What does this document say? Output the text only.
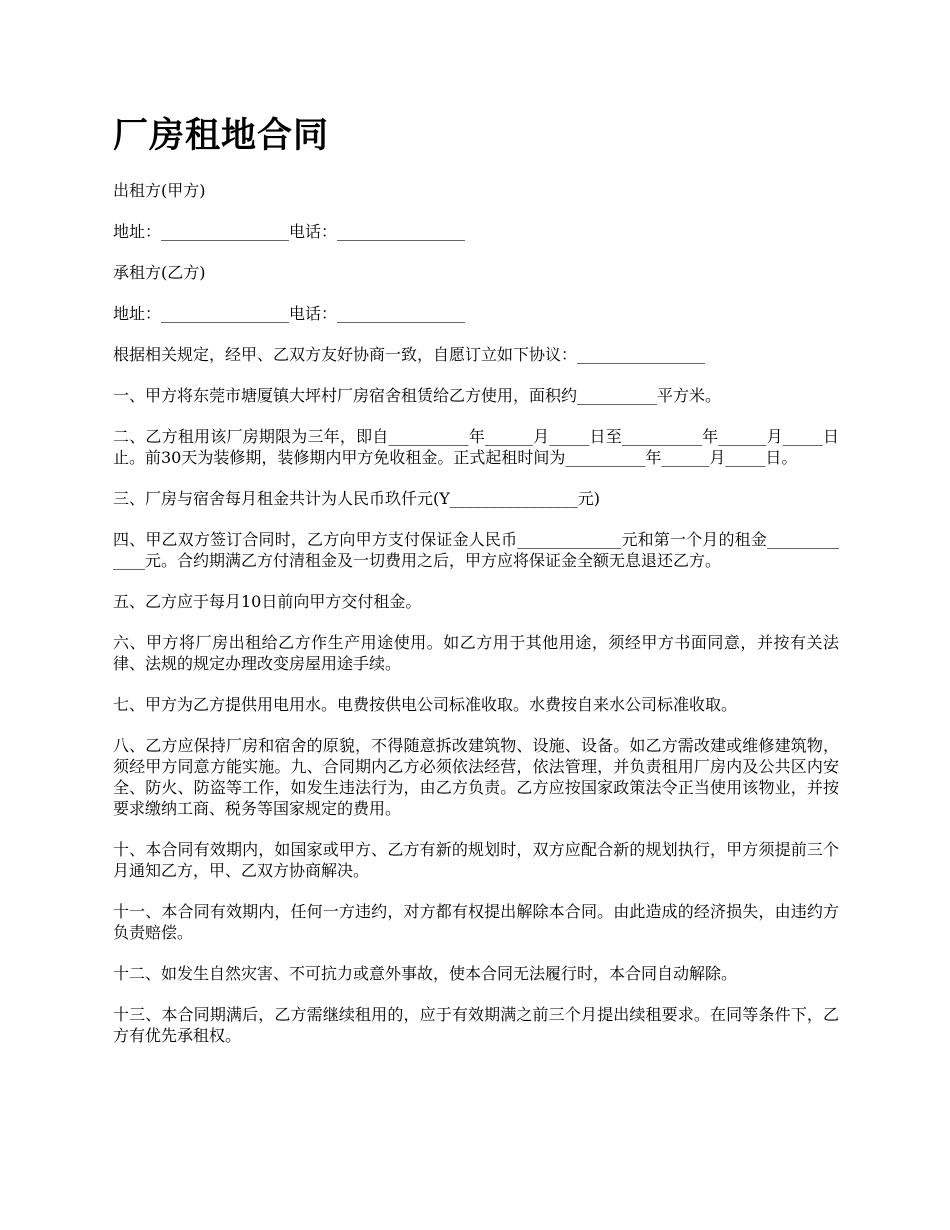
厂房租地合同

出租方(甲方)

地址：________________电话：________________

承租方(乙方)

地址：________________电话：________________

根据相关规定，经甲、乙双方友好协商一致，自愿订立如下协议：________________

一、甲方将东莞市塘厦镇大坪村厂房宿舍租赁给乙方使用，面积约__________平方米。

二、乙方租用该厂房期限为三年，即自__________年______月_____日至__________年______月_____日止。前30天为装修期，装修期内甲方免收租金。正式起租时间为__________年______月_____日。

三、厂房与宿舍每月租金共计为人民币玖仟元(Y________________元)

四、甲乙双方签订合同时，乙方向甲方支付保证金人民币_____________元和第一个月的租金_____________元。合约期满乙方付清租金及一切费用之后，甲方应将保证金全额无息退还乙方。

五、乙方应于每月10日前向甲方交付租金。

六、甲方将厂房出租给乙方作生产用途使用。如乙方用于其他用途，须经甲方书面同意，并按有关法律、法规的规定办理改变房屋用途手续。

七、甲方为乙方提供用电用水。电费按供电公司标准收取。水费按自来水公司标准收取。

八、乙方应保持厂房和宿舍的原貌，不得随意拆改建筑物、设施、设备。如乙方需改建或维修建筑物，须经甲方同意方能实施。九、合同期内乙方必须依法经营，依法管理，并负责租用厂房内及公共区内安全、防火、防盗等工作，如发生违法行为，由乙方负责。乙方应按国家政策法令正当使用该物业，并按要求缴纳工商、税务等国家规定的费用。

十、本合同有效期内，如国家或甲方、乙方有新的规划时，双方应配合新的规划执行，甲方须提前三个月通知乙方，甲、乙双方协商解决。

十一、本合同有效期内，任何一方违约，对方都有权提出解除本合同。由此造成的经济损失，由违约方负责赔偿。

十二、如发生自然灾害、不可抗力或意外事故，使本合同无法履行时，本合同自动解除。

十三、本合同期满后，乙方需继续租用的，应于有效期满之前三个月提出续租要求。在同等条件下，乙方有优先承租权。
